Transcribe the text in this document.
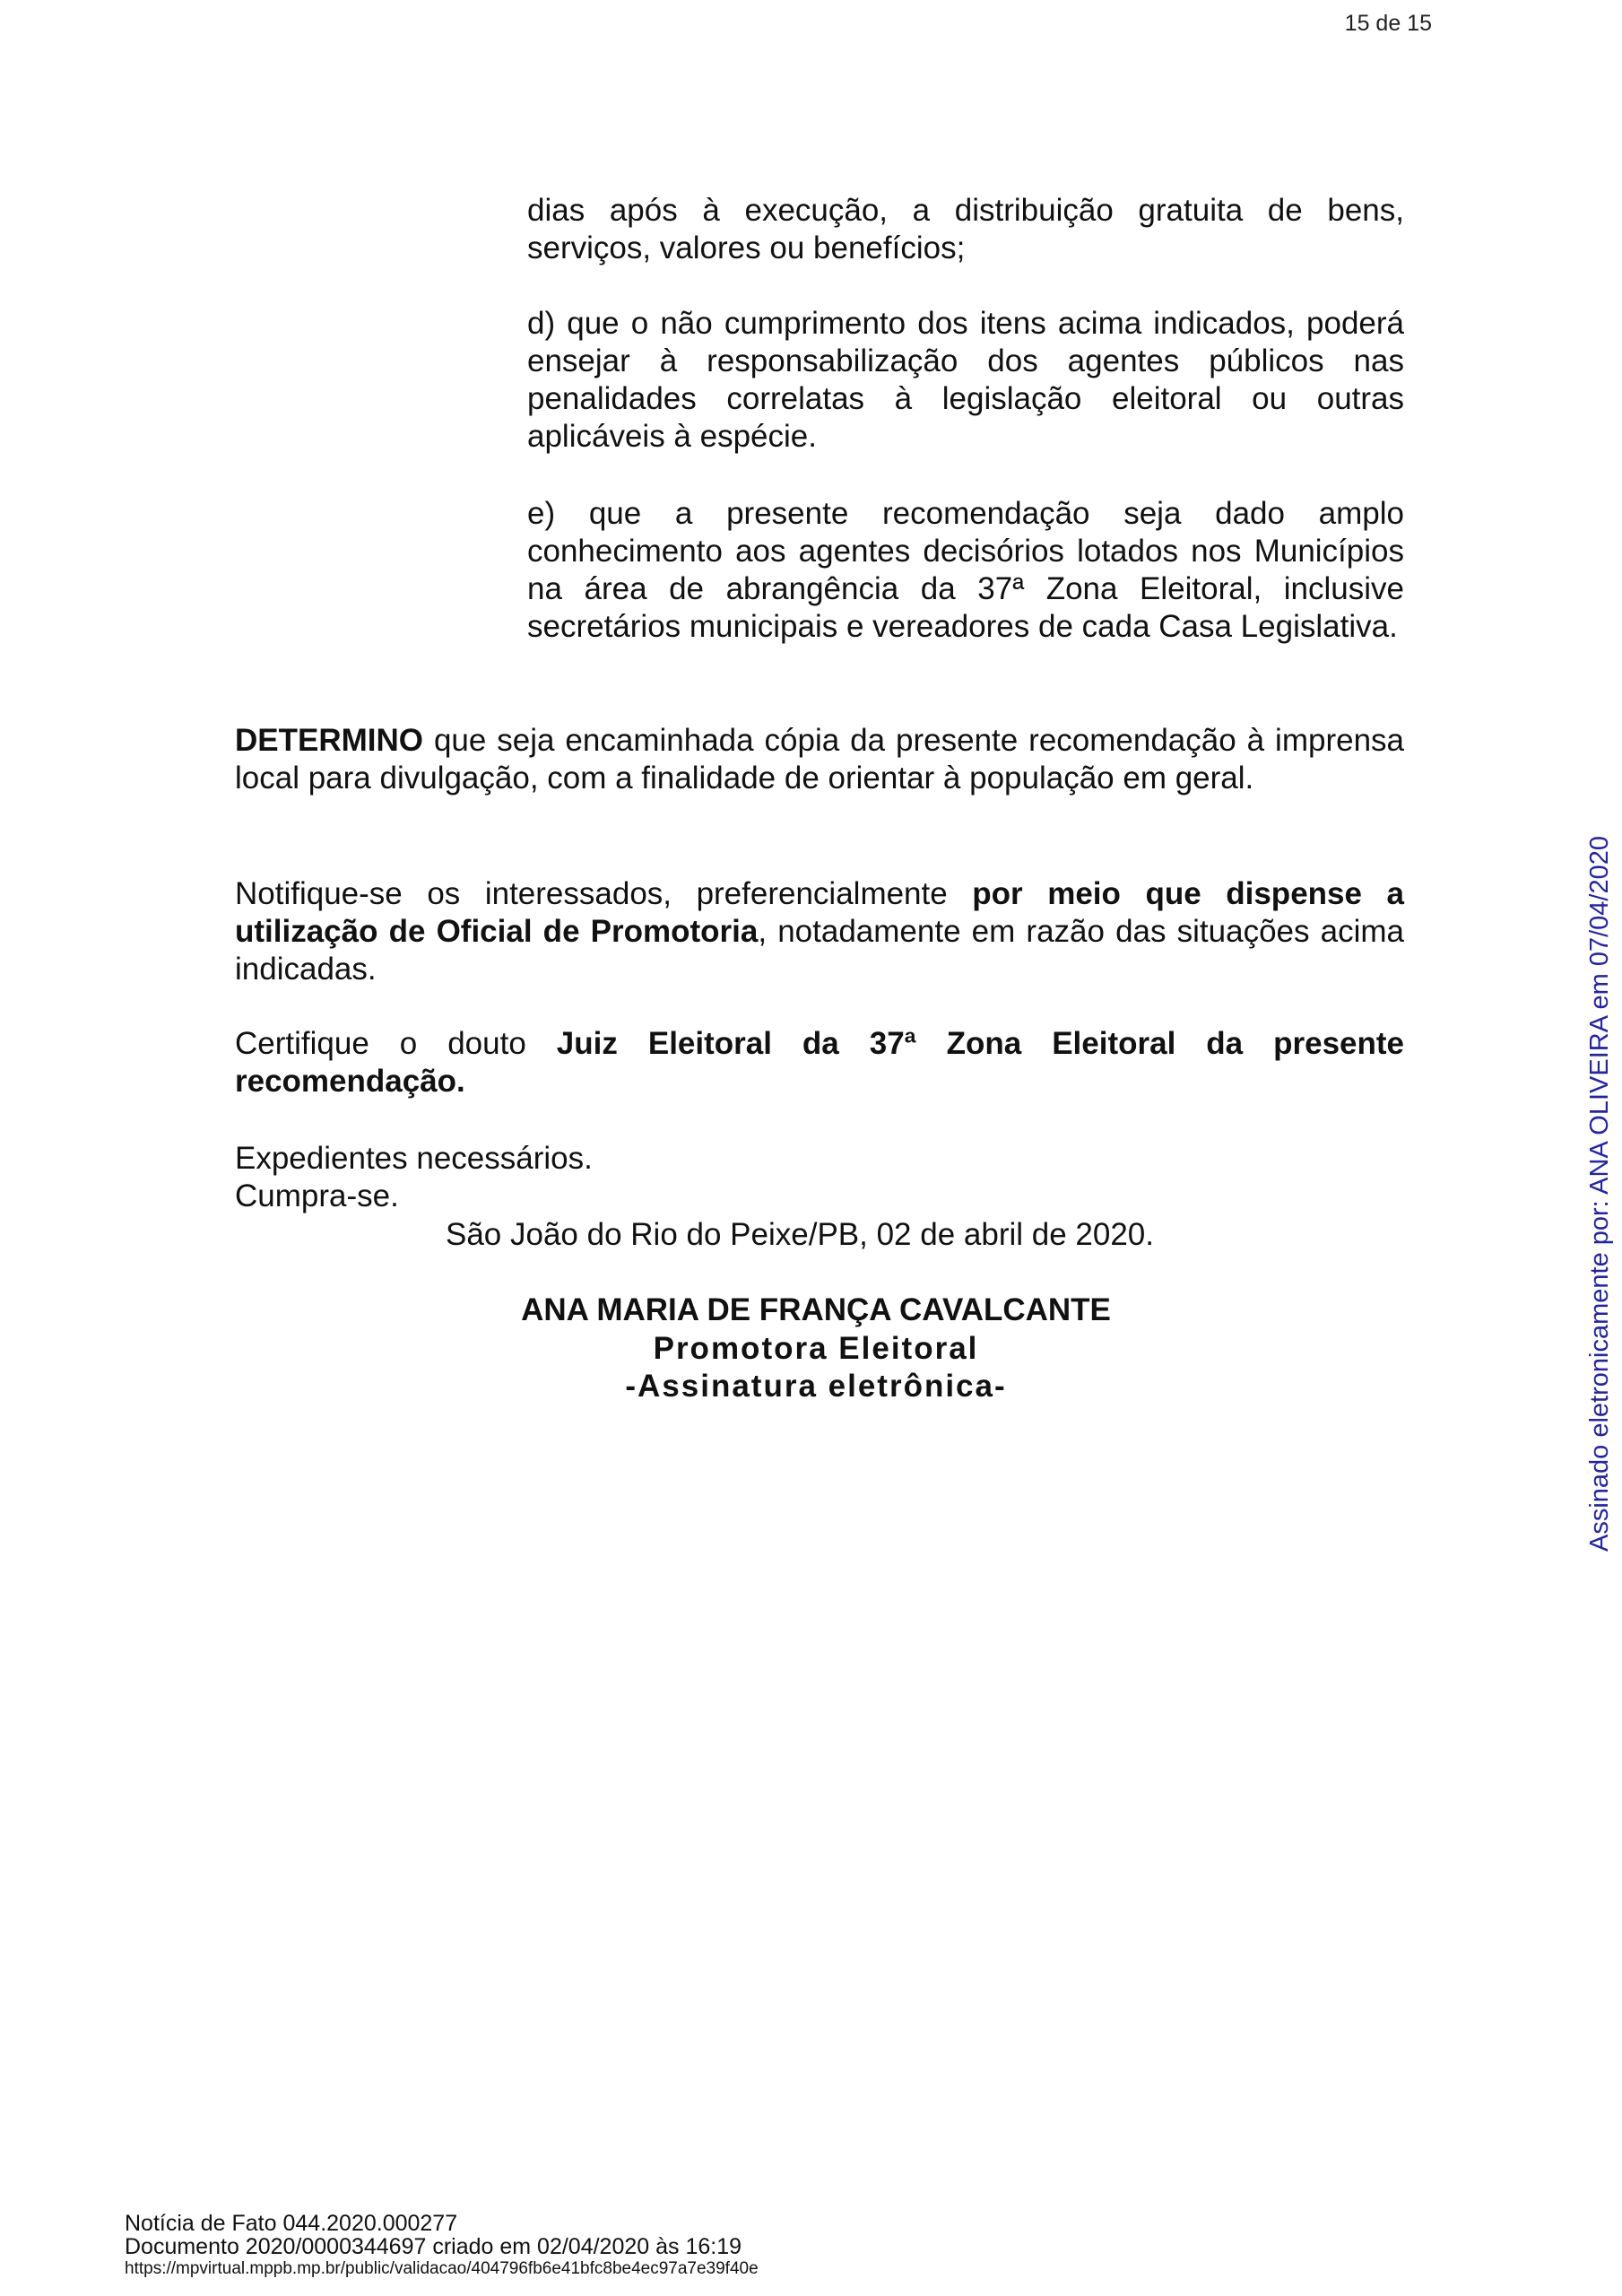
15 de 15

dias após à execução, a distribuição gratuita de bens, serviços, valores ou benefícios;

d) que o não cumprimento dos itens acima indicados, poderá ensejar à responsabilização dos agentes públicos nas penalidades correlatas à legislação eleitoral ou outras aplicáveis à espécie.

e) que a presente recomendação seja dado amplo conhecimento aos agentes decisórios lotados nos Municípios na área de abrangência da 37ª Zona Eleitoral, inclusive secretários municipais e vereadores de cada Casa Legislativa.

DETERMINO que seja encaminhada cópia da presente recomendação à imprensa local para divulgação, com a finalidade de orientar à população em geral.

Notifique-se os interessados, preferencialmente por meio que dispense a utilização de Oficial de Promotoria, notadamente em razão das situações acima indicadas.

Certifique o douto Juiz Eleitoral da 37ª Zona Eleitoral da presente recomendação.

Expedientes necessários.

Cumpra-se.

São João do Rio do Peixe/PB, 02 de abril de 2020.

ANA MARIA DE FRANÇA CAVALCANTE

Promotora Eleitoral

-Assinatura eletrônica-	Assinado eletronicamente por: ANA OLIVEIRA em 07/04/2020

Notícia de Fato 044.2020.000277

Documento 2020/0000344697 criado em 02/04/2020 às 16:19

https://mpvirtual.mppb.mp.br/public/validacao/404796fb6e41bfc8be4ec97a7e39f40e
